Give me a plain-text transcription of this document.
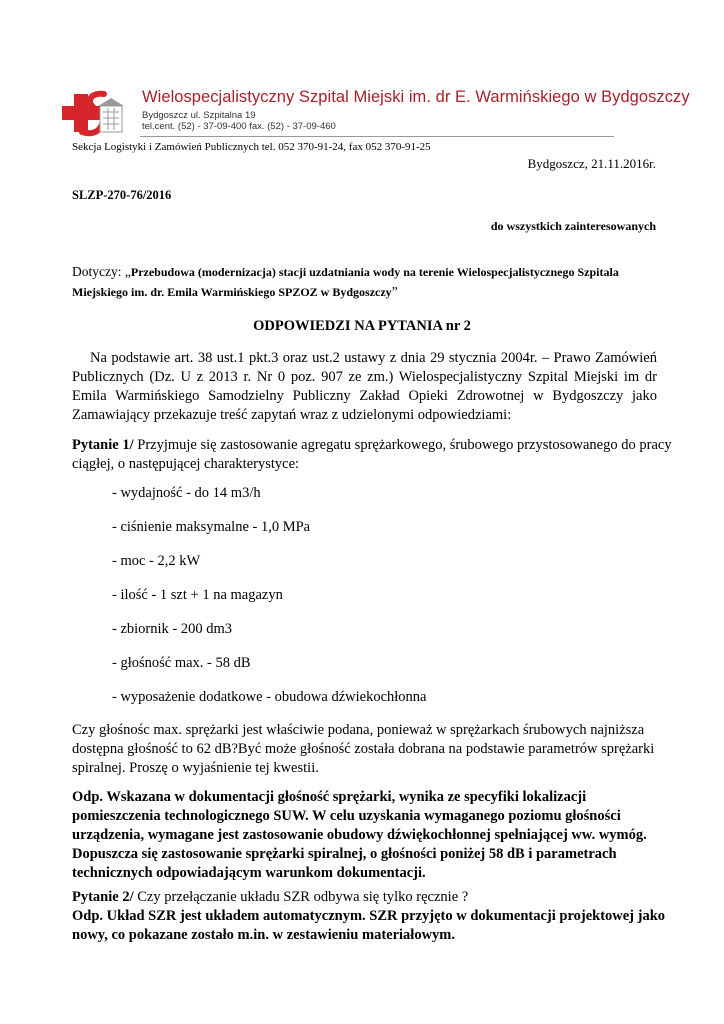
Wielospecjalistyczny Szpital Miejski im. dr E. Warmińskiego w Bydgoszczy
Bydgoszcz ul. Szpitalna 19
tel.cent. (52) - 37-09-400 fax. (52) - 37-09-460
Sekcja Logistyki i Zamówień Publicznych tel. 052 370-91-24, fax 052 370-91-25
Bydgoszcz, 21.11.2016r.
SLZP-270-76/2016
do wszystkich zainteresowanych
Dotyczy: „Przebudowa (modernizacja) stacji uzdatniania wody na terenie Wielospecjalistycznego Szpitala Miejskiego im. dr. Emila Warmińskiego SPZOZ w Bydgoszczy”
ODPOWIEDZI NA PYTANIA nr 2
Na podstawie art. 38 ust.1 pkt.3 oraz ust.2 ustawy z dnia 29 stycznia 2004r. – Prawo Zamówień Publicznych (Dz. U z 2013 r. Nr 0 poz. 907 ze zm.) Wielospecjalistyczny Szpital Miejski im dr Emila Warmińskiego Samodzielny Publiczny Zakład Opieki Zdrowotnej w Bydgoszczy jako Zamawiający przekazuje treść zapytań wraz z udzielonymi odpowiedziami:
Pytanie 1/ Przyjmuje się zastosowanie agregatu sprężarkowego, śrubowego przystosowanego do pracy ciągłej, o następującej charakterystyce:
- wydajność - do 14 m3/h
- ciśnienie maksymalne - 1,0 MPa
- moc - 2,2 kW
- ilość - 1 szt + 1 na magazyn
- zbiornik - 200 dm3
- głośność max. - 58 dB
- wyposażenie dodatkowe - obudowa dźwiekochłonna
Czy głośnośc max. sprężarki jest właściwie podana, ponieważ w sprężarkach śrubowych najniższa dostępna głośność to 62 dB?Być może głośność została dobrana na podstawie parametrów sprężarki spiralnej. Proszę o wyjaśnienie tej kwestii.
Odp. Wskazana w dokumentacji głośność sprężarki, wynika ze specyfiki lokalizacji pomieszczenia technologicznego SUW. W celu uzyskania wymaganego poziomu głośności urządzenia, wymagane jest zastosowanie obudowy dźwiękochłonnej spełniającej ww. wymóg. Dopuszcza się zastosowanie sprężarki spiralnej, o głośności poniżej 58 dB i parametrach technicznych odpowiadającym warunkom dokumentacji.
Pytanie 2/ Czy przełączanie układu SZR odbywa się tylko ręcznie ?
Odp. Układ SZR jest układem automatycznym. SZR przyjęto w dokumentacji projektowej jako nowy, co pokazane zostało m.in. w zestawieniu materiałowym.
